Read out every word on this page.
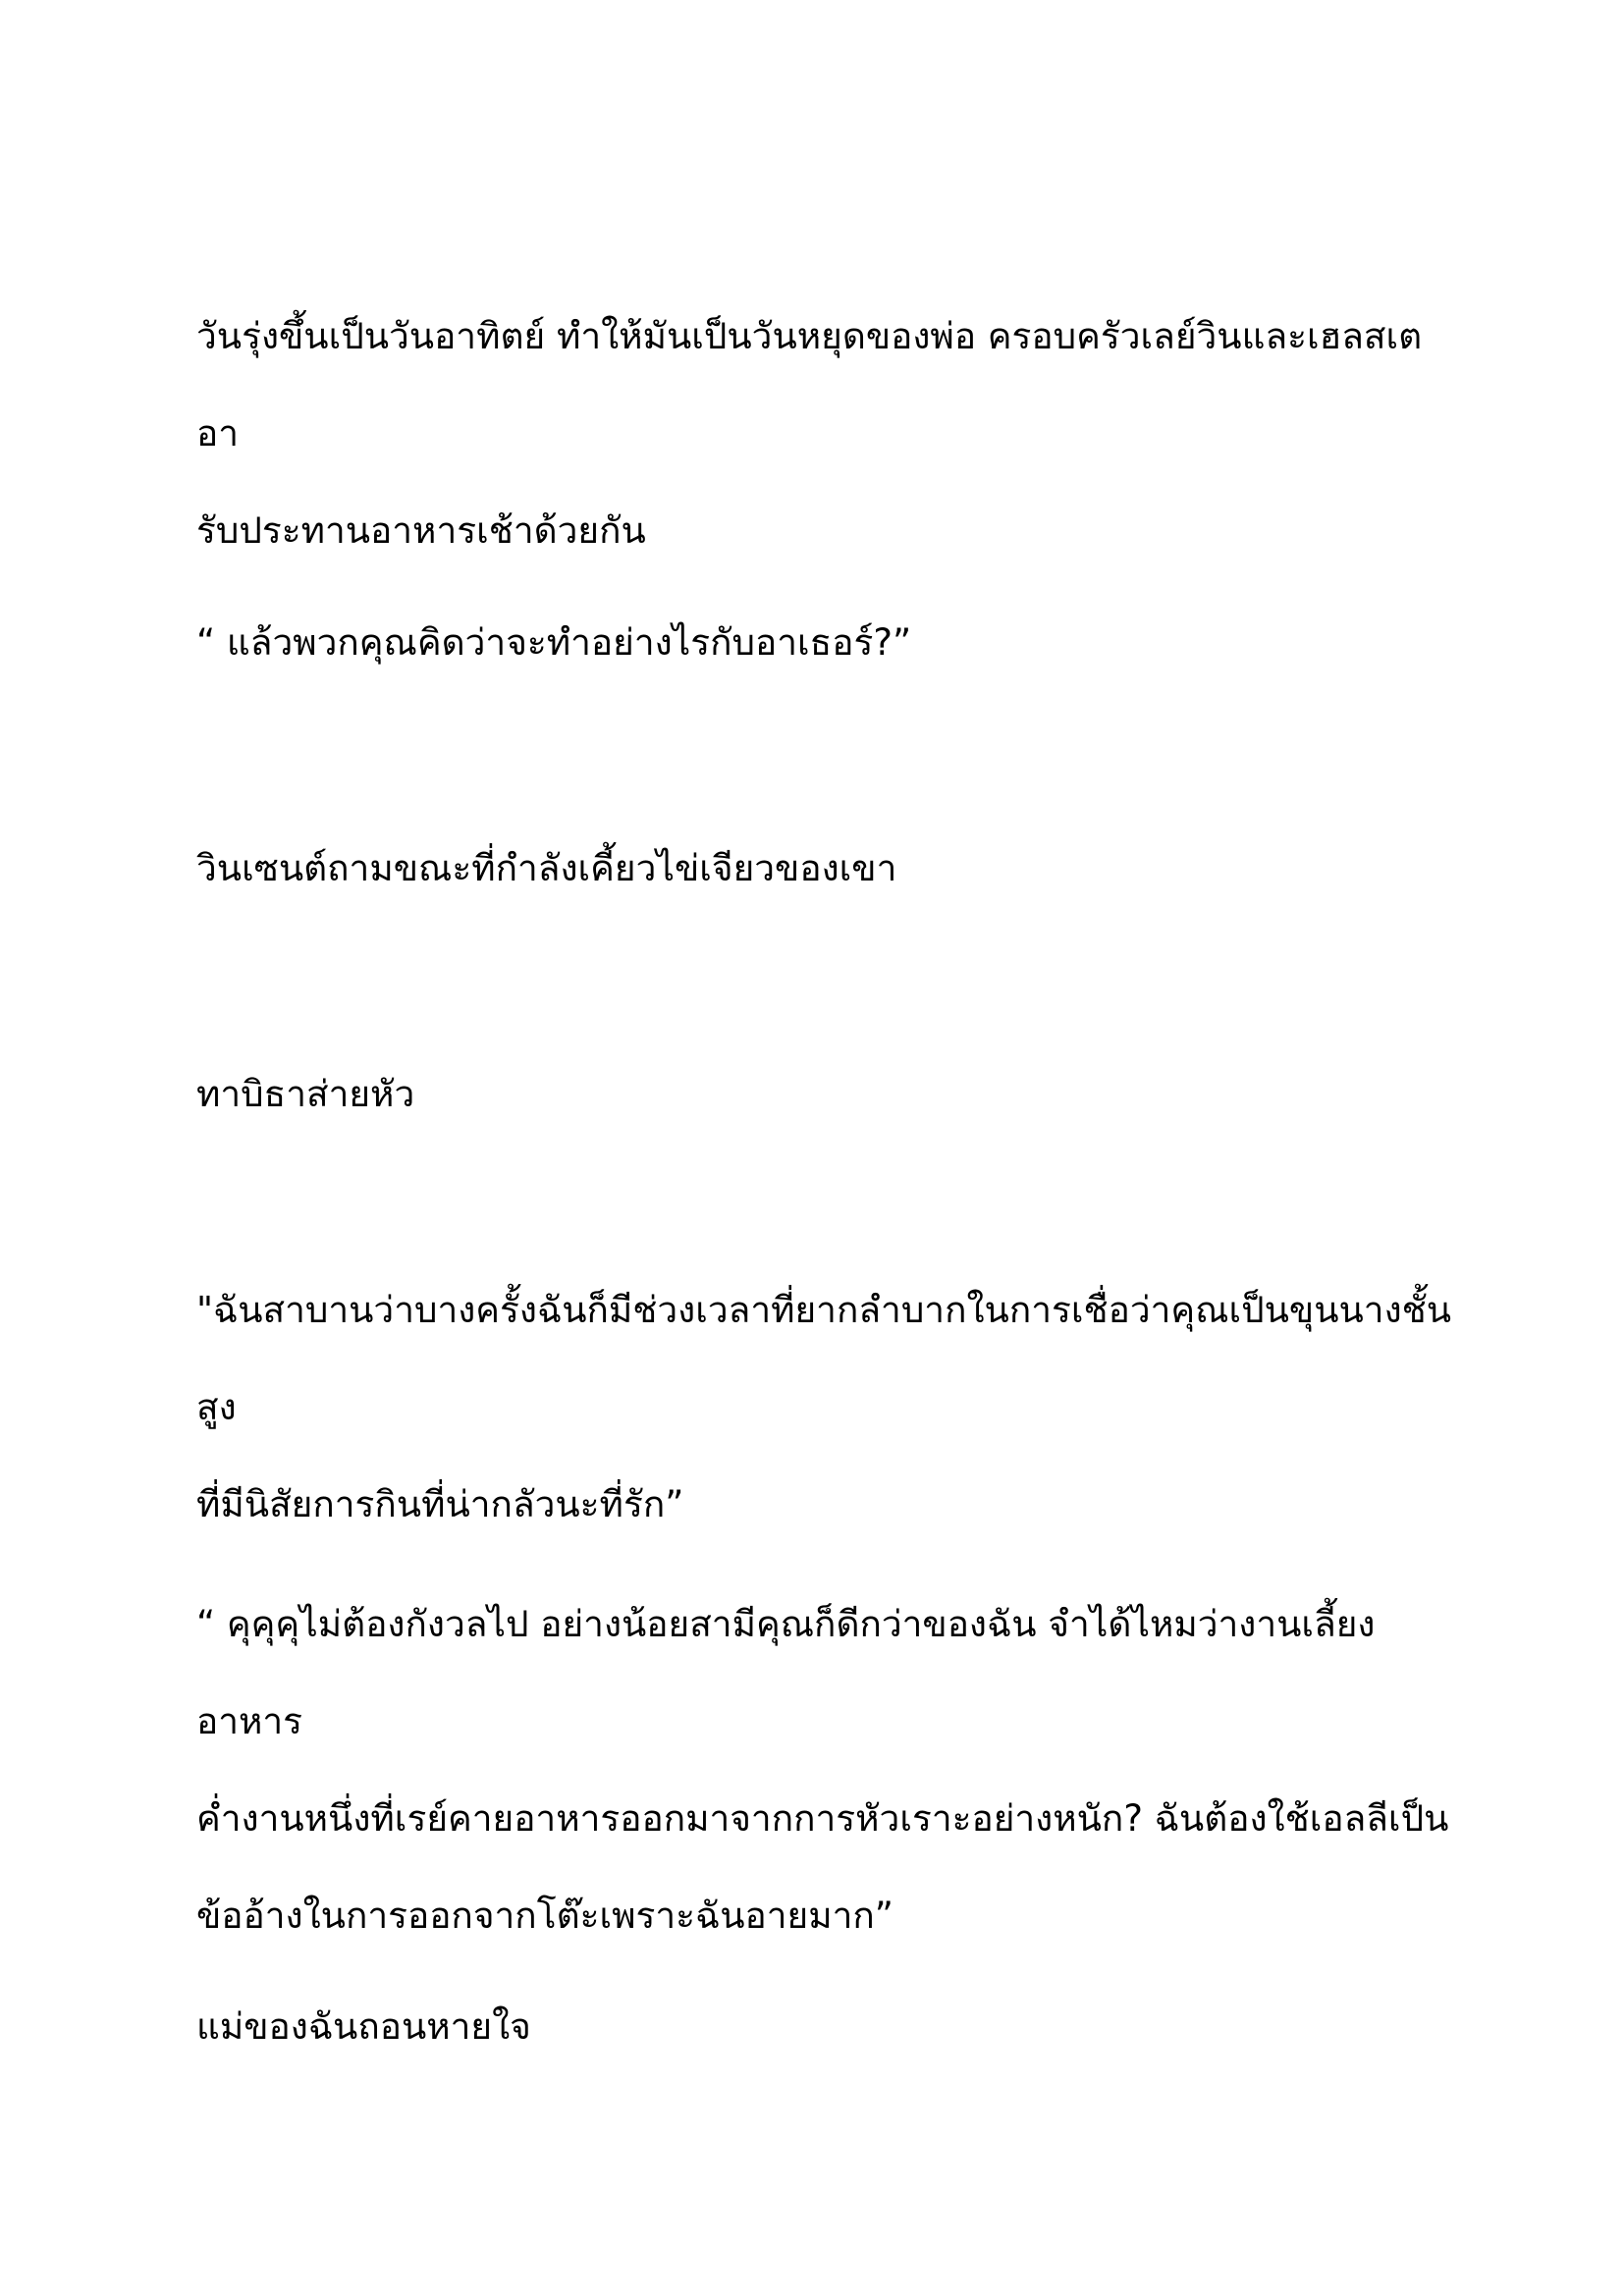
วันรุ่งขึ้นเป็นวันอาทิตย์ ทำให้มันเป็นวันหยุดของพ่อ ครอบครัวเลย์วินและเฮลสเตอา
รับประทานอาหารเช้าด้วยกัน

“ แล้วพวกคุณคิดว่าจะทำอย่างไรกับอาเธอร์?”

วินเซนต์ถามขณะที่กำลังเคี้ยวไข่เจียวของเขา

ทาบิธาส่ายหัว

"ฉันสาบานว่าบางครั้งฉันก็มีช่วงเวลาที่ยากลำบากในการเชื่อว่าคุณเป็นขุนนางชั้นสูง
ที่มีนิสัยการกินที่น่ากลัวนะที่รัก”

“ คุคุคุไม่ต้องกังวลไป อย่างน้อยสามีคุณก็ดีกว่าของฉัน จำได้ไหมว่างานเลี้ยงอาหาร
ค่ำงานหนึ่งที่เรย์คายอาหารออกมาจากการหัวเราะอย่างหนัก? ฉันต้องใช้เอลลีเป็น
ข้ออ้างในการออกจากโต๊ะเพราะฉันอายมาก”

แม่ของฉันถอนหายใจ
